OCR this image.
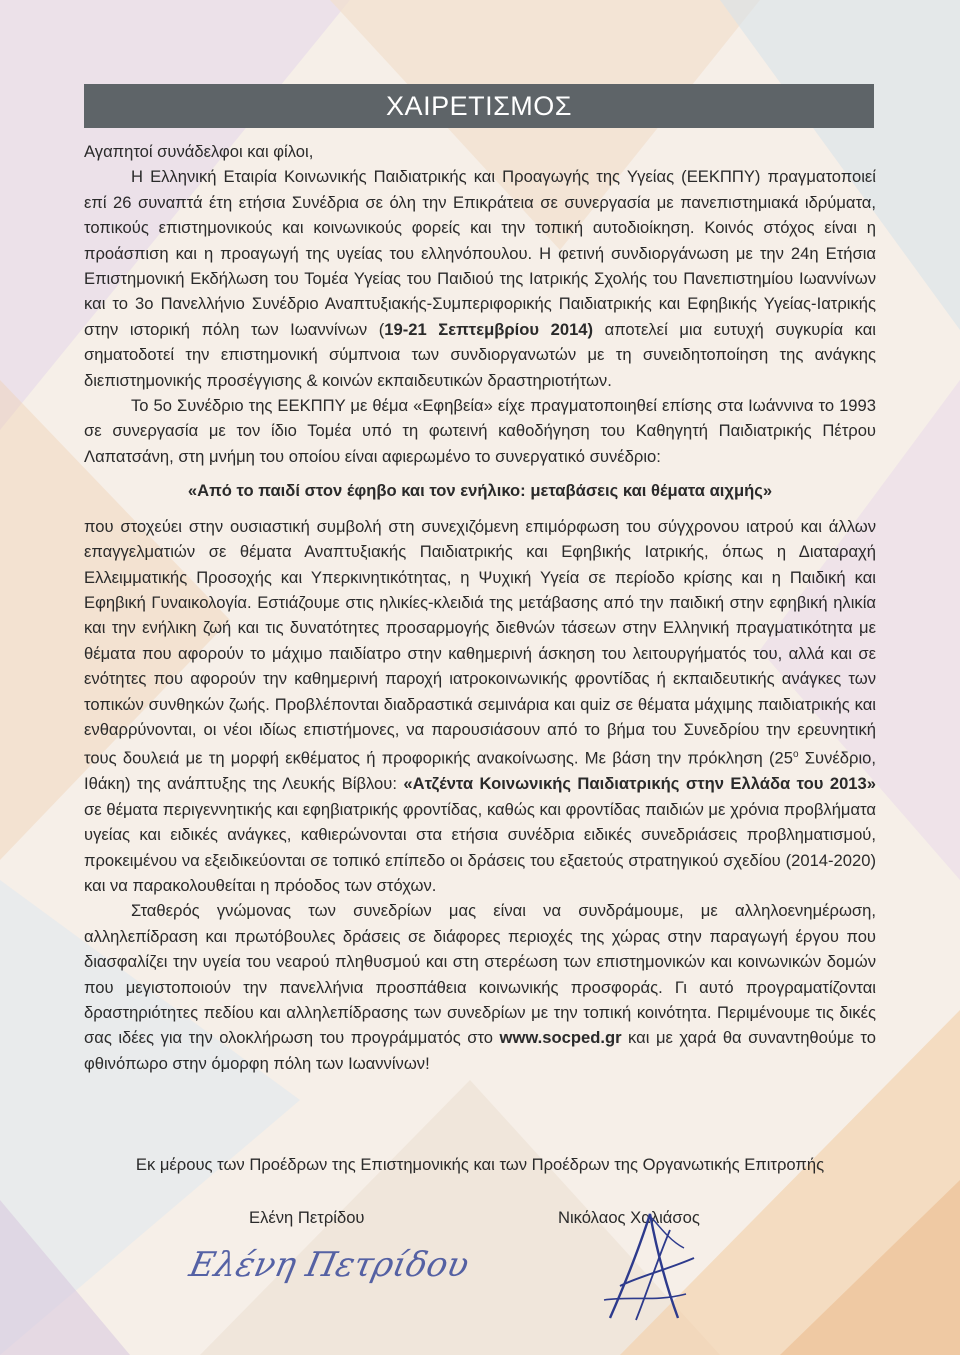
ΧΑΙΡΕΤΙΣΜΟΣ

Αγαπητοί συνάδελφοι και φίλοι,

Η Ελληνική Εταιρία Κοινωνικής Παιδιατρικής και Προαγωγής της Υγείας (ΕΕΚΠΠΥ) πραγματοποιεί επί 26 συναπτά έτη ετήσια Συνέδρια σε όλη την Επικράτεια σε συνεργασία με πανεπιστημιακά ιδρύματα, τοπικούς επιστημονικούς και κοινωνικούς φορείς και την τοπική αυτοδιοίκηση. Κοινός στόχος είναι η προάσπιση και η προαγωγή της υγείας του ελληνόπουλου. Η φετινή συνδιοργάνωση με την 24η Ετήσια Επιστημονική Εκδήλωση του Τομέα Υγείας του Παιδιού της Ιατρικής Σχολής του Πανεπιστημίου Ιωαννίνων και το 3ο Πανελλήνιο Συνέδριο Αναπτυξιακής-Συμπεριφορικής Παιδιατρικής και Εφηβικής Υγείας-Ιατρικής στην ιστορική πόλη των Ιωαννίνων (19-21 Σεπτεμβρίου 2014) αποτελεί μια ευτυχή συγκυρία και σηματοδοτεί την επιστημονική σύμπνοια των συνδιοργανωτών με τη συνειδητοποίηση της ανάγκης διεπιστημονικής προσέγγισης & κοινών εκπαιδευτικών δραστηριοτήτων.

Το 5ο Συνέδριο της ΕΕΚΠΠΥ με θέμα «Εφηβεία» είχε πραγματοποιηθεί επίσης στα Ιωάννινα το 1993 σε συνεργασία με τον ίδιο Τομέα υπό τη φωτεινή καθοδήγηση του Καθηγητή Παιδιατρικής Πέτρου Λαπατσάνη, στη μνήμη του οποίου είναι αφιερωμένο το συνεργατικό συνέδριο:

«Από το παιδί στον έφηβο και τον ενήλικο: μεταβάσεις και θέματα αιχμής»

που στοχεύει στην ουσιαστική συμβολή στη συνεχιζόμενη επιμόρφωση του σύγχρονου ιατρού και άλλων επαγγελματιών σε θέματα Αναπτυξιακής Παιδιατρικής και Εφηβικής Ιατρικής, όπως η Διαταραχή Ελλειμματικής Προσοχής και Υπερκινητικότητας, η Ψυχική Υγεία σε περίοδο κρίσης και η Παιδική και Εφηβική Γυναικολογία. Εστιάζουμε στις ηλικίες-κλειδιά της μετάβασης από την παιδική στην εφηβική ηλικία και την ενήλικη ζωή και τις δυνατότητες προσαρμογής διεθνών τάσεων στην Ελληνική πραγματικότητα με θέματα που αφορούν το μάχιμο παιδίατρο στην καθημερινή άσκηση του λειτουργήματός του, αλλά και σε ενότητες που αφορούν την καθημερινή παροχή ιατροκοινωνικής φροντίδας ή εκπαιδευτικής ανάγκες των τοπικών συνθηκών ζωής. Προβλέπονται διαδραστικά σεμινάρια και quiz σε θέματα μάχιμης παιδιατρικής και ενθαρρύνονται, οι νέοι ιδίως επιστήμονες, να παρουσιάσουν από το βήμα του Συνεδρίου την ερευνητική τους δουλειά με τη μορφή εκθέματος ή προφορικής ανακοίνωσης. Με βάση την πρόκληση ($25^o$ Συνέδριο, Ιθάκη) της ανάπτυξης της Λευκής Βίβλου: «Ατζέντα Κοινωνικής Παιδιατρικής στην Ελλάδα του 2013» σε θέματα περιγεννητικής και εφηβιατρικής φροντίδας, καθώς και φροντίδας παιδιών με χρόνια προβλήματα υγείας και ειδικές ανάγκες, καθιερώνονται στα ετήσια συνέδρια ειδικές συνεδριάσεις προβληματισμού, προκειμένου να εξειδικεύονται σε τοπικό επίπεδο οι δράσεις του εξαετούς στρατηγικού σχεδίου (2014-2020) και να παρακολουθείται η πρόοδος των στόχων.

Σταθερός γνώμονας των συνεδρίων μας είναι να συνδράμουμε, με αλληλοενημέρωση, αλληλεπίδραση και πρωτόβουλες δράσεις σε διάφορες περιοχές της χώρας στην παραγωγή έργου που διασφαλίζει την υγεία του νεαρού πληθυσμού και στη στερέωση των επιστημονικών και κοινωνικών δομών που μεγιστοποιούν την πανελλήνια προσπάθεια κοινωνικής προσφοράς. Γι αυτό προγραματίζονται δραστηριότητες πεδίου και αλληλεπίδρασης των συνεδρίων με την τοπική κοινότητα. Περιμένουμε τις δικές σας ιδέες για την ολοκλήρωση του προγράμματός στο www.socped.gr και με χαρά θα συναντηθούμε το φθινόπωρο στην όμορφη πόλη των Ιωαννίνων!

Εκ μέρους των Προέδρων της Επιστημονικής και των Προέδρων της Οργανωτικής Επιτροπής
Ελένη Πετρίδου	Νικόλαος Χαλιάσος
Ελένη Πετρίδου
